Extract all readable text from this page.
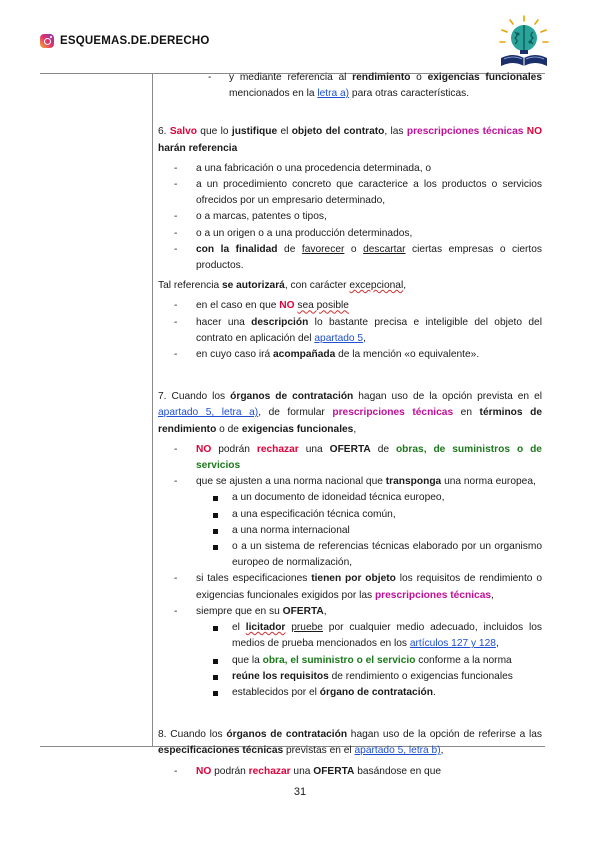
ESQUEMAS.DE.DERECHO
- y mediante referencia al rendimiento o exigencias funcionales mencionados en la letra a) para otras características.

6. Salvo que lo justifique el objeto del contrato, las prescripciones técnicas NO harán referencia

- a una fabricación o una procedencia determinada, o
- a un procedimiento concreto que caracterice a los productos o servicios ofrecidos por un empresario determinado,
- o a marcas, patentes o tipos,
- o a un origen o a una producción determinados,
- con la finalidad de favorecer o descartar ciertas empresas o ciertos productos.

Tal referencia se autorizará, con carácter excepcional,

- en el caso en que NO sea posible
- hacer una descripción lo bastante precisa e inteligible del objeto del contrato en aplicación del apartado 5,
- en cuyo caso irá acompañada de la mención «o equivalente».

7. Cuando los órganos de contratación hagan uso de la opción prevista en el apartado 5, letra a), de formular prescripciones técnicas en términos de rendimiento o de exigencias funcionales,

- NO podrán rechazar una OFERTA de obras, de suministros o de servicios
- que se ajusten a una norma nacional que transponga una norma europea,
a un documento de idoneidad técnica europeo,
a una especificación técnica común,
a una norma internacional
o a un sistema de referencias técnicas elaborado por un organismo europeo de normalización,
- si tales especificaciones tienen por objeto los requisitos de rendimiento o exigencias funcionales exigidos por las prescripciones técnicas,
- siempre que en su OFERTA,
el licitador pruebe por cualquier medio adecuado, incluidos los medios de prueba mencionados en los artículos 127 y 128,
que la obra, el suministro o el servicio conforme a la norma
reúne los requisitos de rendimiento o exigencias funcionales
establecidos por el órgano de contratación.

8. Cuando los órganos de contratación hagan uso de la opción de referirse a las especificaciones técnicas previstas en el apartado 5, letra b),

- NO podrán rechazar una OFERTA basándose en que
31
